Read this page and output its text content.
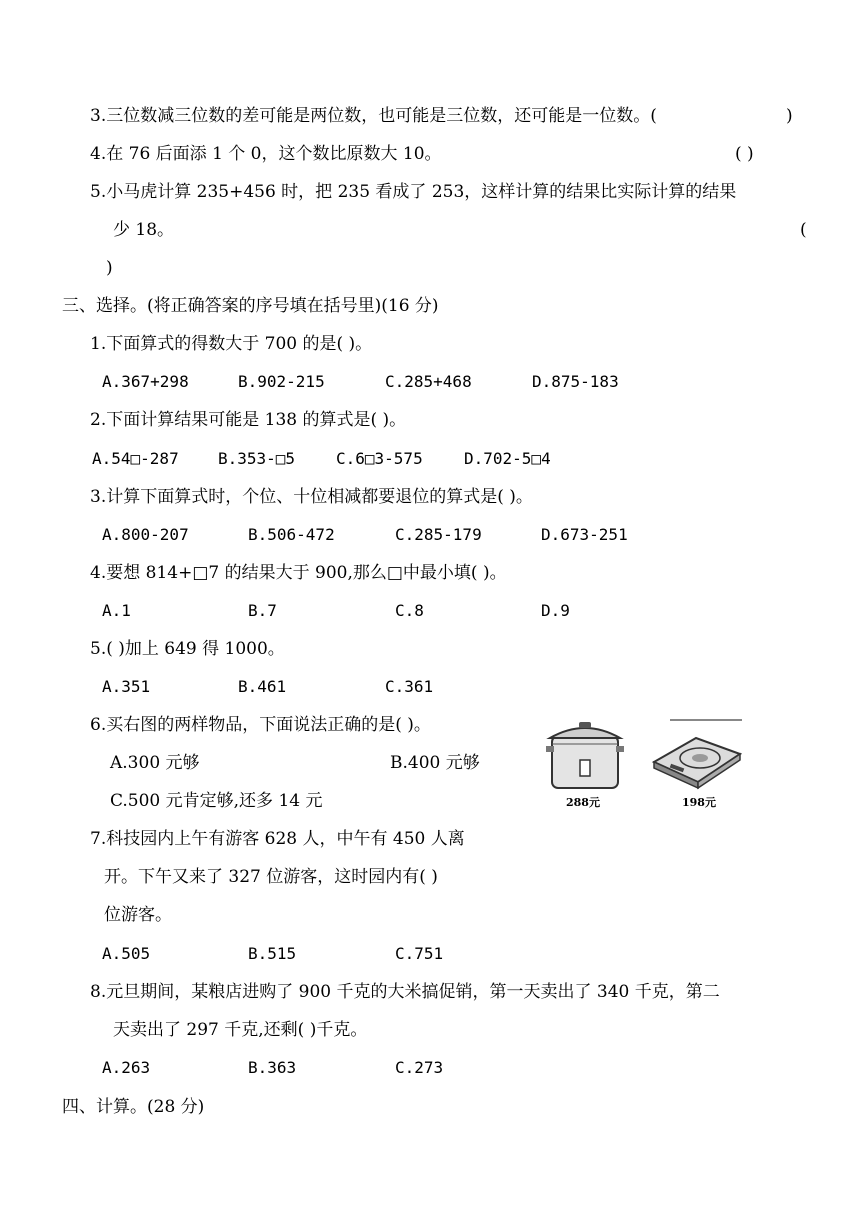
3.三位数减三位数的差可能是两位数，也可能是三位数，还可能是一位数。(	)
4.在 76 后面添 1 个 0，这个数比原数大 10。	( )
5.小马虎计算 235+456 时，把 235 看成了 253，这样计算的结果比实际计算的结果
少 18。	(
)
三、选择。(将正确答案的序号填在括号里)(16 分)
1.下面算式的得数大于 700 的是( )。
A.367+298	B.902-215	C.285+468	D.875-183
2.下面计算结果可能是 138 的算式是( )。
A.54□-287 B.353-□5	C.6□3-575	D.702-5□4
3.计算下面算式时，个位、十位相减都要退位的算式是( )。
A.800-207	B.506-472	C.285-179	D.673-251
4.要想 814+□7 的结果大于 900,那么□中最小填( )。
A.1	B.7	C.8	D.9
5.( )加上 649 得 1000。
A.351	B.461	C.361
6.买右图的两样物品，下面说法正确的是( )。
A.300 元够	B.400 元够
C.500 元肯定够,还多 14 元	288元	198元
7.科技园内上午有游客 628 人，中午有 450 人离
开。下午又来了 327 位游客，这时园内有( )
位游客。
A.505	B.515	C.751
8.元旦期间，某粮店进购了 900 千克的大米搞促销，第一天卖出了 340 千克，第二
天卖出了 297 千克,还剩( )千克。
A.263	B.363	C.273
四、计算。(28 分)
